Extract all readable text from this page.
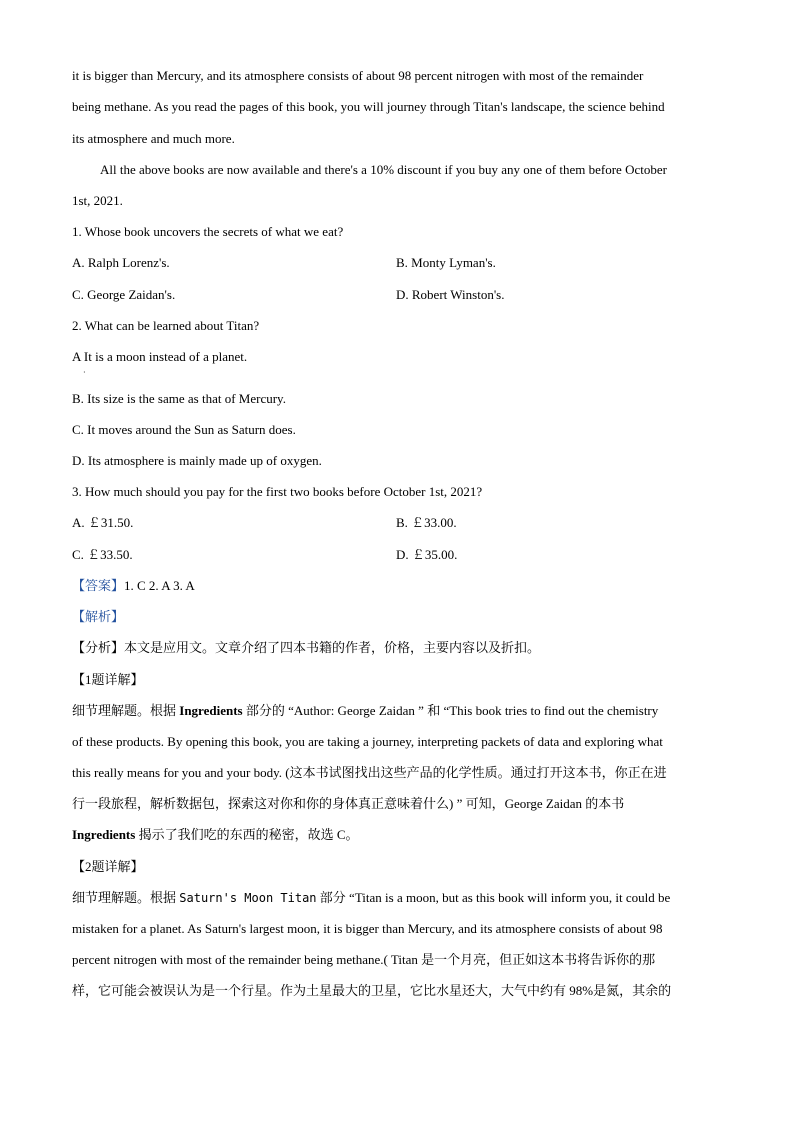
it is bigger than Mercury, and its atmosphere consists of about 98 percent nitrogen with most of the remainder
being methane. As you read the pages of this book, you will journey through Titan's landscape, the science behind
its atmosphere and much more.
All the above books are now available and there's a 10% discount if you buy any one of them before October
1st, 2021.
1. Whose book uncovers the secrets of what we eat?
A. Ralph Lorenz's.	B. Monty Lyman's.
C. George Zaidan's.	D. Robert Winston's.
2. What can be learned about Titan?
A It is a moon instead of a planet.
·
B. Its size is the same as that of Mercury.
C. It moves around the Sun as Saturn does.
D. Its atmosphere is mainly made up of oxygen.
3. How much should you pay for the first two books before October 1st, 2021?
A. ￡31.50.	B. ￡33.00.
C. ￡33.50.	D. ￡35.00.
【答案】1. C 2. A 3. A
【解析】
【分析】本文是应用文。文章介绍了四本书籍的作者，价格，主要内容以及折扣。
【1题详解】
细节理解题。根据 Ingredients 部分的 “Author: George Zaidan ” 和 “This book tries to find out the chemistry
of these products. By opening this book, you are taking a journey, interpreting packets of data and exploring what
this really means for you and your body. (这本书试图找出这些产品的化学性质。通过打开这本书，你正在进
行一段旅程，解析数据包，探索这对你和你的身体真正意味着什么) ” 可知，George Zaidan 的本书
Ingredients 揭示了我们吃的东西的秘密，故选 C。
【2题详解】
细节理解题。根据 Saturn's Moon Titan 部分 “Titan is a moon, but as this book will inform you, it could be
mistaken for a planet. As Saturn's largest moon, it is bigger than Mercury, and its atmosphere consists of about 98
percent nitrogen with most of the remainder being methane.( Titan 是一个月亮，但正如这本书将告诉你的那
样，它可能会被误认为是一个行星。作为土星最大的卫星，它比水星还大，大气中约有 98%是氮，其余的
